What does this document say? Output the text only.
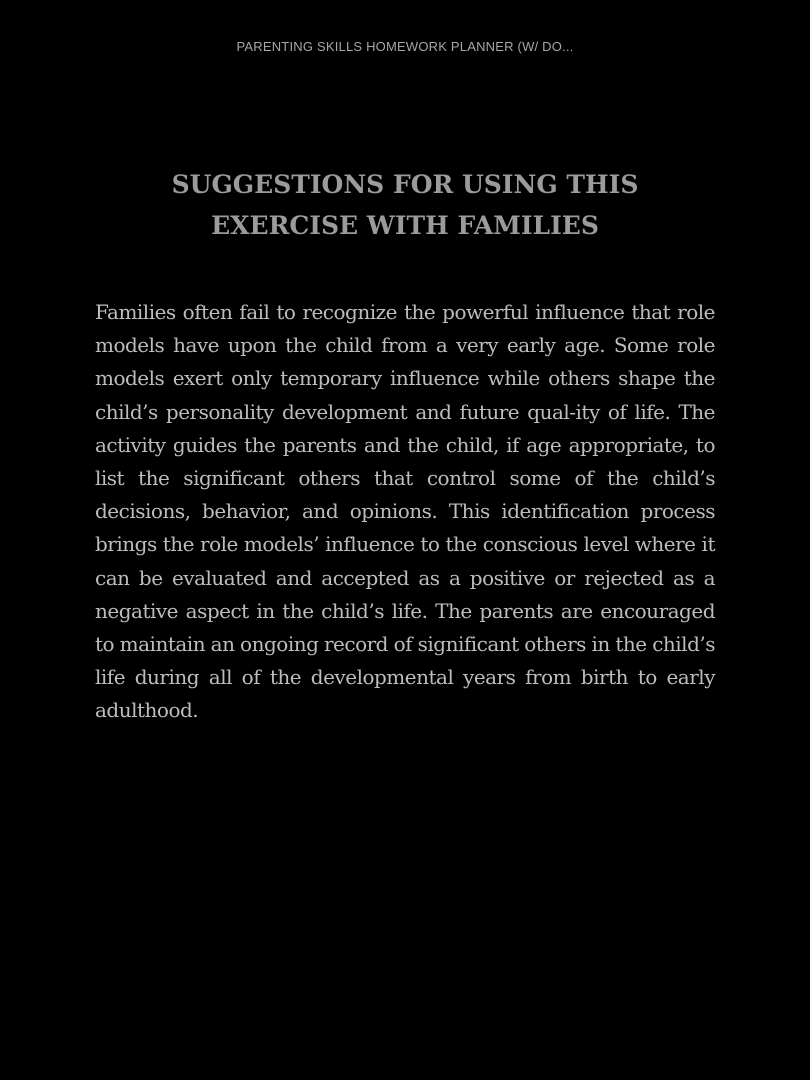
PARENTING SKILLS HOMEWORK PLANNER (W/ DO...
SUGGESTIONS FOR USING THIS
EXERCISE WITH FAMILIES

Families often fail to recognize the powerful influence that role models have upon the child from a very early age. Some role models exert only temporary influence while others shape the child’s personality development and future qual-ity of life. The activity guides the parents and the child, if age appropriate, to list the significant others that control some of the child’s decisions, behavior, and opinions. This identification process brings the role models’ influence to the conscious level where it can be evaluated and accepted as a positive or rejected as a negative aspect in the child’s life. The parents are encouraged to maintain an ongoing record of significant others in the child’s life during all of the developmental years from birth to early adulthood.
